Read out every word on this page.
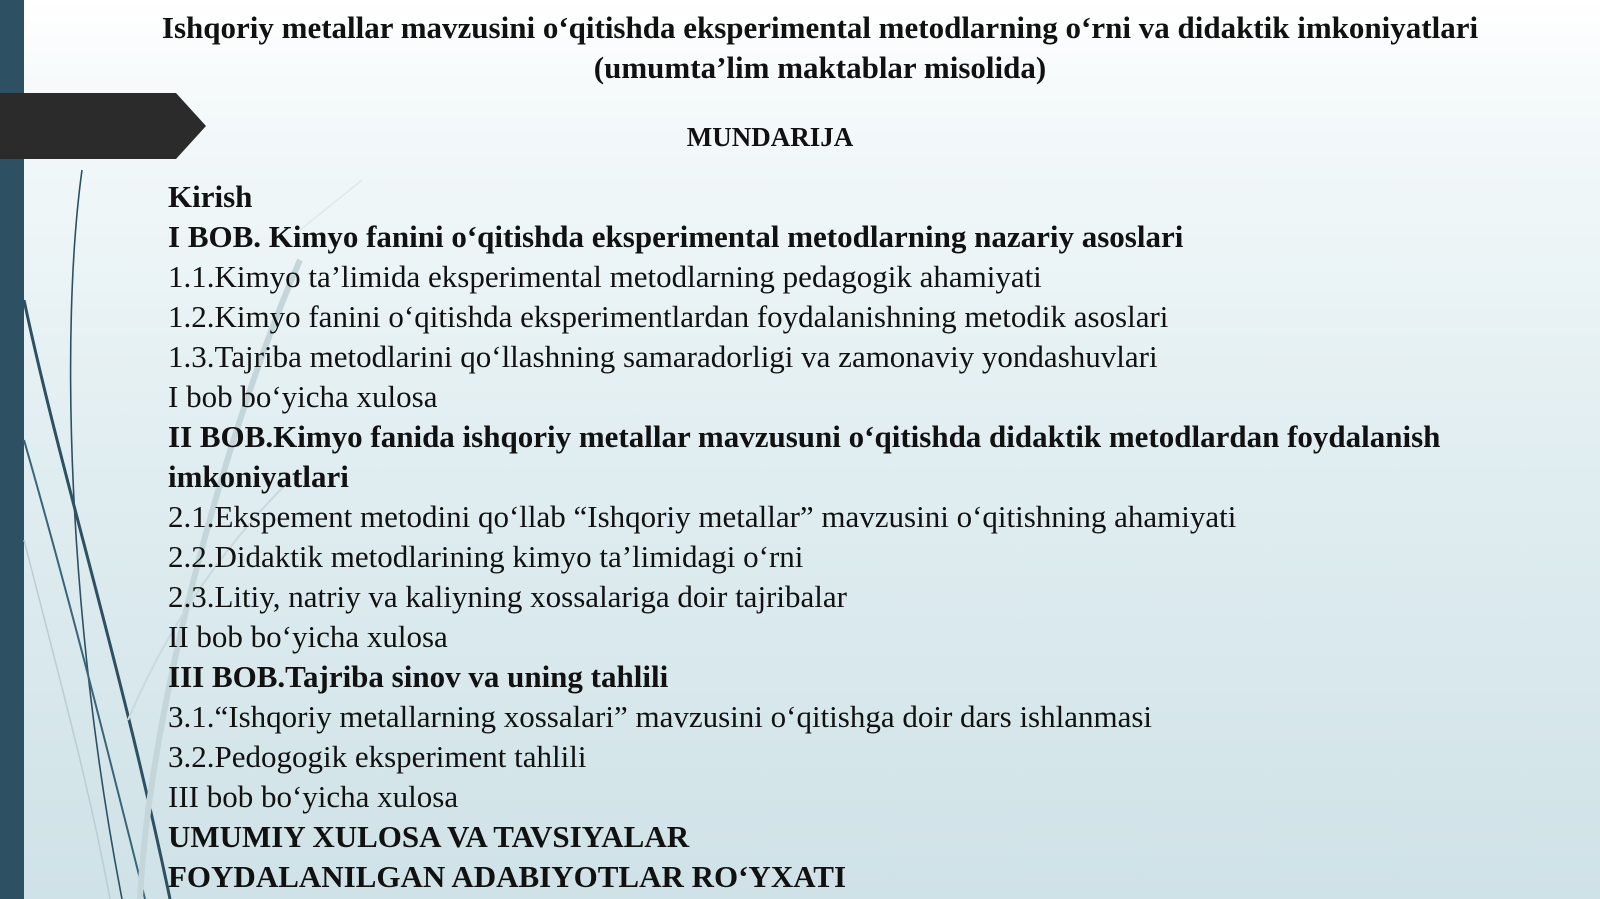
Ishqoriy metallar mavzusini o‘qitishda eksperimental metodlarning o‘rni va didaktik imkoniyatlari
(umumta’lim maktablar misolida)
MUNDARIJA
Kirish
I BOB. Kimyo fanini o‘qitishda eksperimental metodlarning nazariy asoslari
1.1.Kimyo ta’limida eksperimental metodlarning pedagogik ahamiyati
1.2.Kimyo fanini o‘qitishda eksperimentlardan foydalanishning metodik asoslari
1.3.Tajriba metodlarini qo‘llashning samaradorligi va zamonaviy yondashuvlari
I bob bo‘yicha xulosa
II BOB.Kimyo fanida ishqoriy metallar mavzusuni o‘qitishda didaktik metodlardan foydalanish imkoniyatlari
2.1.Ekspement metodini qo‘llab “Ishqoriy metallar” mavzusini o‘qitishning ahamiyati
2.2.Didaktik metodlarining kimyo ta’limidagi o‘rni
2.3.Litiy, natriy va kaliyning xossalariga doir tajribalar
II bob bo‘yicha xulosa
III BOB.Tajriba sinov va uning tahlili
3.1.“Ishqoriy metallarning xossalari” mavzusini o‘qitishga doir dars ishlanmasi
3.2.Pedogogik eksperiment tahlili
III bob bo‘yicha xulosa
UMUMIY XULOSA VA TAVSIYALAR
FOYDALANILGAN ADABIYOTLAR RO‘YXATI
